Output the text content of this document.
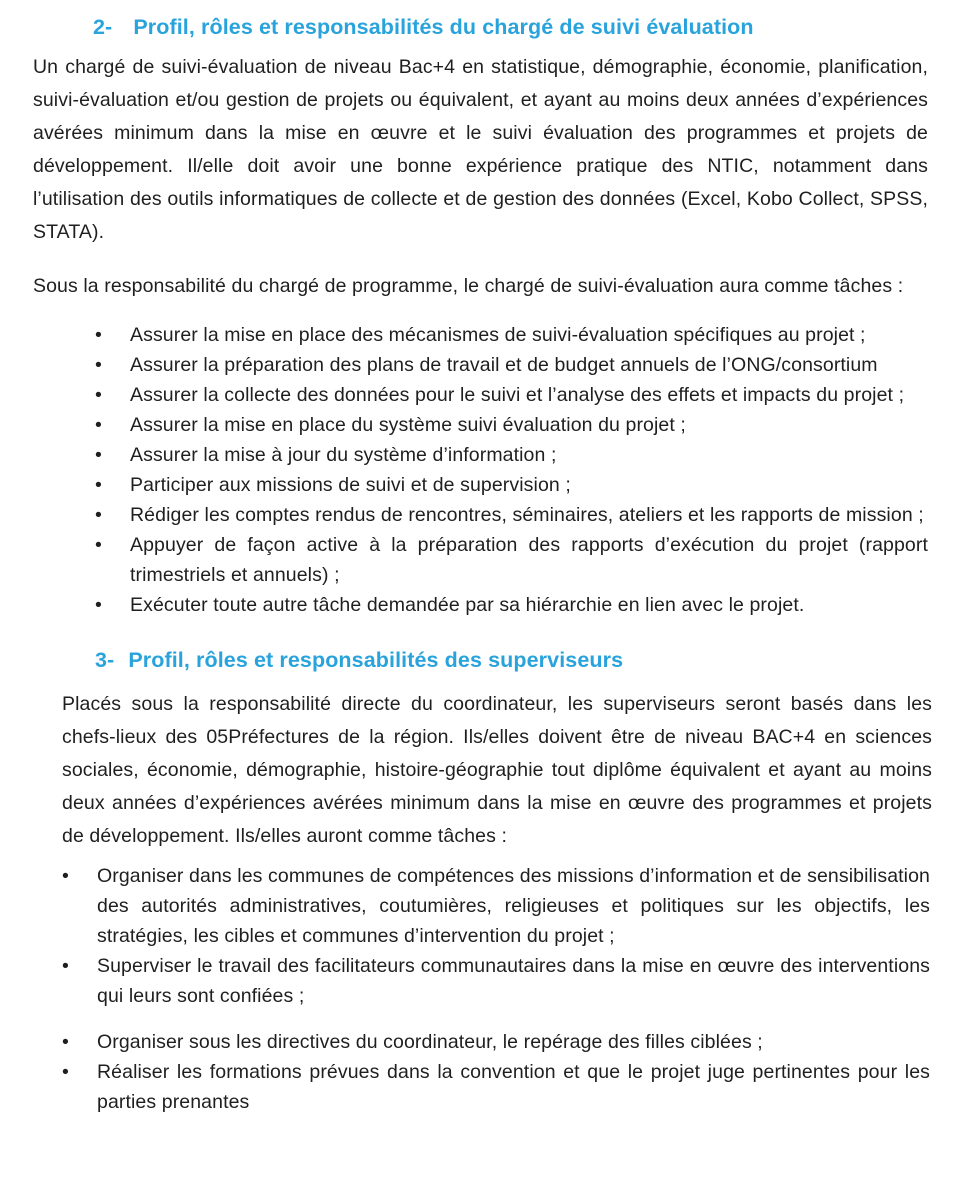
2- Profil, rôles et responsabilités du chargé de suivi évaluation

Un chargé de suivi-évaluation de niveau Bac+4 en statistique, démographie, économie, planification, suivi-évaluation et/ou gestion de projets ou équivalent, et ayant au moins deux années d’expériences avérées minimum dans la mise en œuvre et le suivi évaluation des programmes et projets de développement. Il/elle doit avoir une bonne expérience pratique des NTIC, notamment dans l’utilisation des outils informatiques de collecte et de gestion des données (Excel, Kobo Collect, SPSS, STATA).

Sous la responsabilité du chargé de programme, le chargé de suivi-évaluation aura comme tâches :

•	Assurer la mise en place des mécanismes de suivi-évaluation spécifiques au projet ;
•	Assurer la préparation des plans de travail et de budget annuels de l’ONG/consortium
•	Assurer la collecte des données pour le suivi et l’analyse des effets et impacts du projet ;
•	Assurer la mise en place du système suivi évaluation du projet ;
•	Assurer la mise à jour du système d’information ;
•	Participer aux missions de suivi et de supervision ;
•	Rédiger les comptes rendus de rencontres, séminaires, ateliers et les rapports de mission ;
•	Appuyer de façon active à la préparation des rapports d’exécution du projet (rapport trimestriels et annuels) ;
•	Exécuter toute autre tâche demandée par sa hiérarchie en lien avec le projet.
3- Profil, rôles et responsabilités des superviseurs

Placés sous la responsabilité directe du coordinateur, les superviseurs seront basés dans les chefs-lieux des 05Préfectures de la région. Ils/elles doivent être de niveau BAC+4 en sciences sociales, économie, démographie, histoire-géographie tout diplôme équivalent et ayant au moins deux années d’expériences avérées minimum dans la mise en œuvre des programmes et projets de développement. Ils/elles auront comme tâches :

•	Organiser dans les communes de compétences des missions d’information et de sensibilisation des autorités administratives, coutumières, religieuses et politiques sur les objectifs, les stratégies, les cibles et communes d’intervention du projet ;
•	Superviser le travail des facilitateurs communautaires dans la mise en œuvre des interventions qui leurs sont confiées ;
•	Organiser sous les directives du coordinateur, le repérage des filles ciblées ;
•	Réaliser les formations prévues dans la convention et que le projet juge pertinentes pour les parties prenantes
